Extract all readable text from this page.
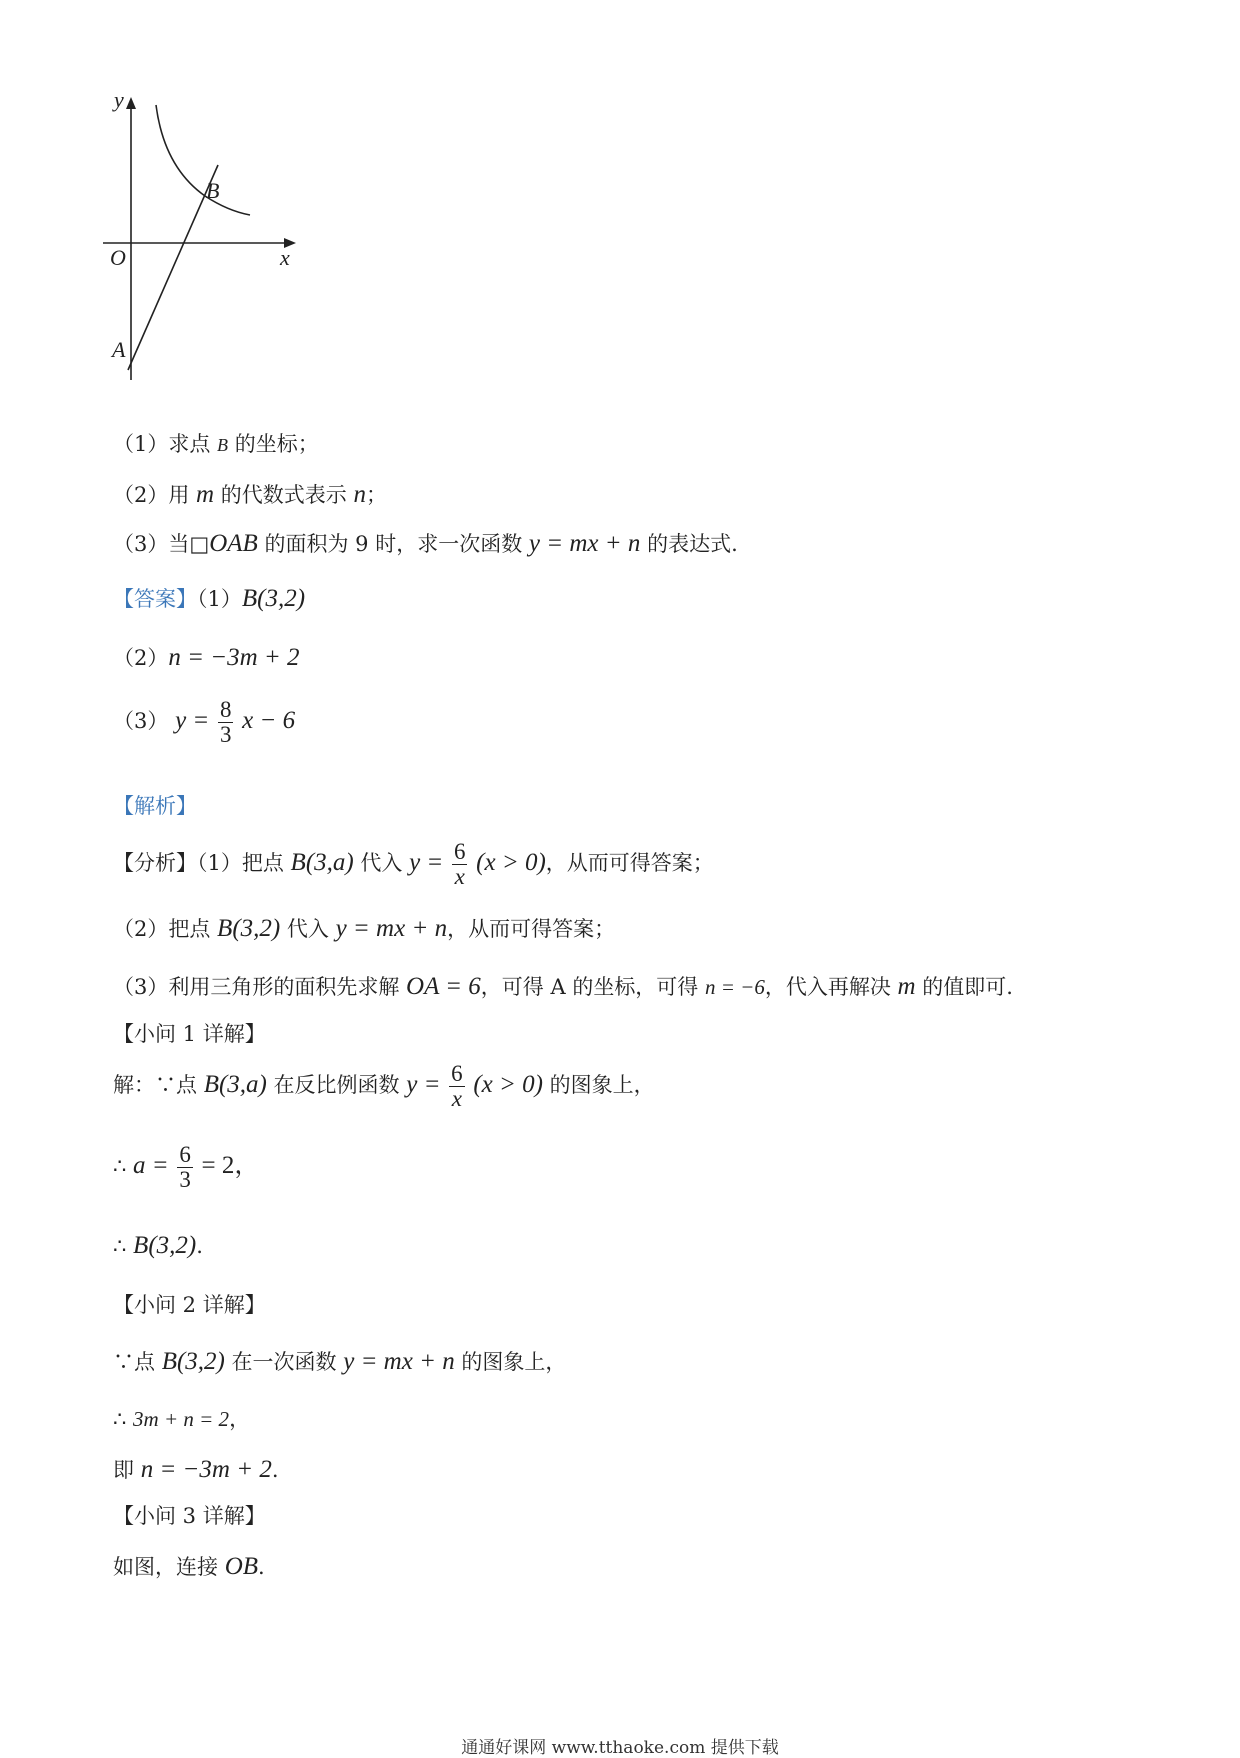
y
x
O
B
A
（1）求点 B 的坐标；
（2）用 m 的代数式表示 n；
（3）当□OAB 的面积为 9 时，求一次函数 y = mx + n 的表达式.
【答案】（1）B(3,2)
（2）n = −3m + 2
（3） $y = \frac{8}{3}$ x − 6
【解析】
【分析】（1）把点 B(3,a) 代入 $y = \frac{6}{x} (x > 0)$，从而可得答案；
（2）把点 B(3,2) 代入 y = mx + n，从而可得答案；
（3）利用三角形的面积先求解 OA = 6，可得 A 的坐标，可得 n = −6，代入再解决 m 的值即可.
【小问 1 详解】
解：∵点 B(3,a) 在反比例函数 $y = \frac{6}{x} (x > 0)$ 的图象上，
∴ $a = \frac{6}{3} = 2$，
∴ B(3,2).
【小问 2 详解】
∵点 B(3,2) 在一次函数 y = mx + n 的图象上，
∴ 3m + n = 2，
即 n = −3m + 2.
【小问 3 详解】
如图，连接 OB.
通通好课网 www.tthaoke.com 提供下载
